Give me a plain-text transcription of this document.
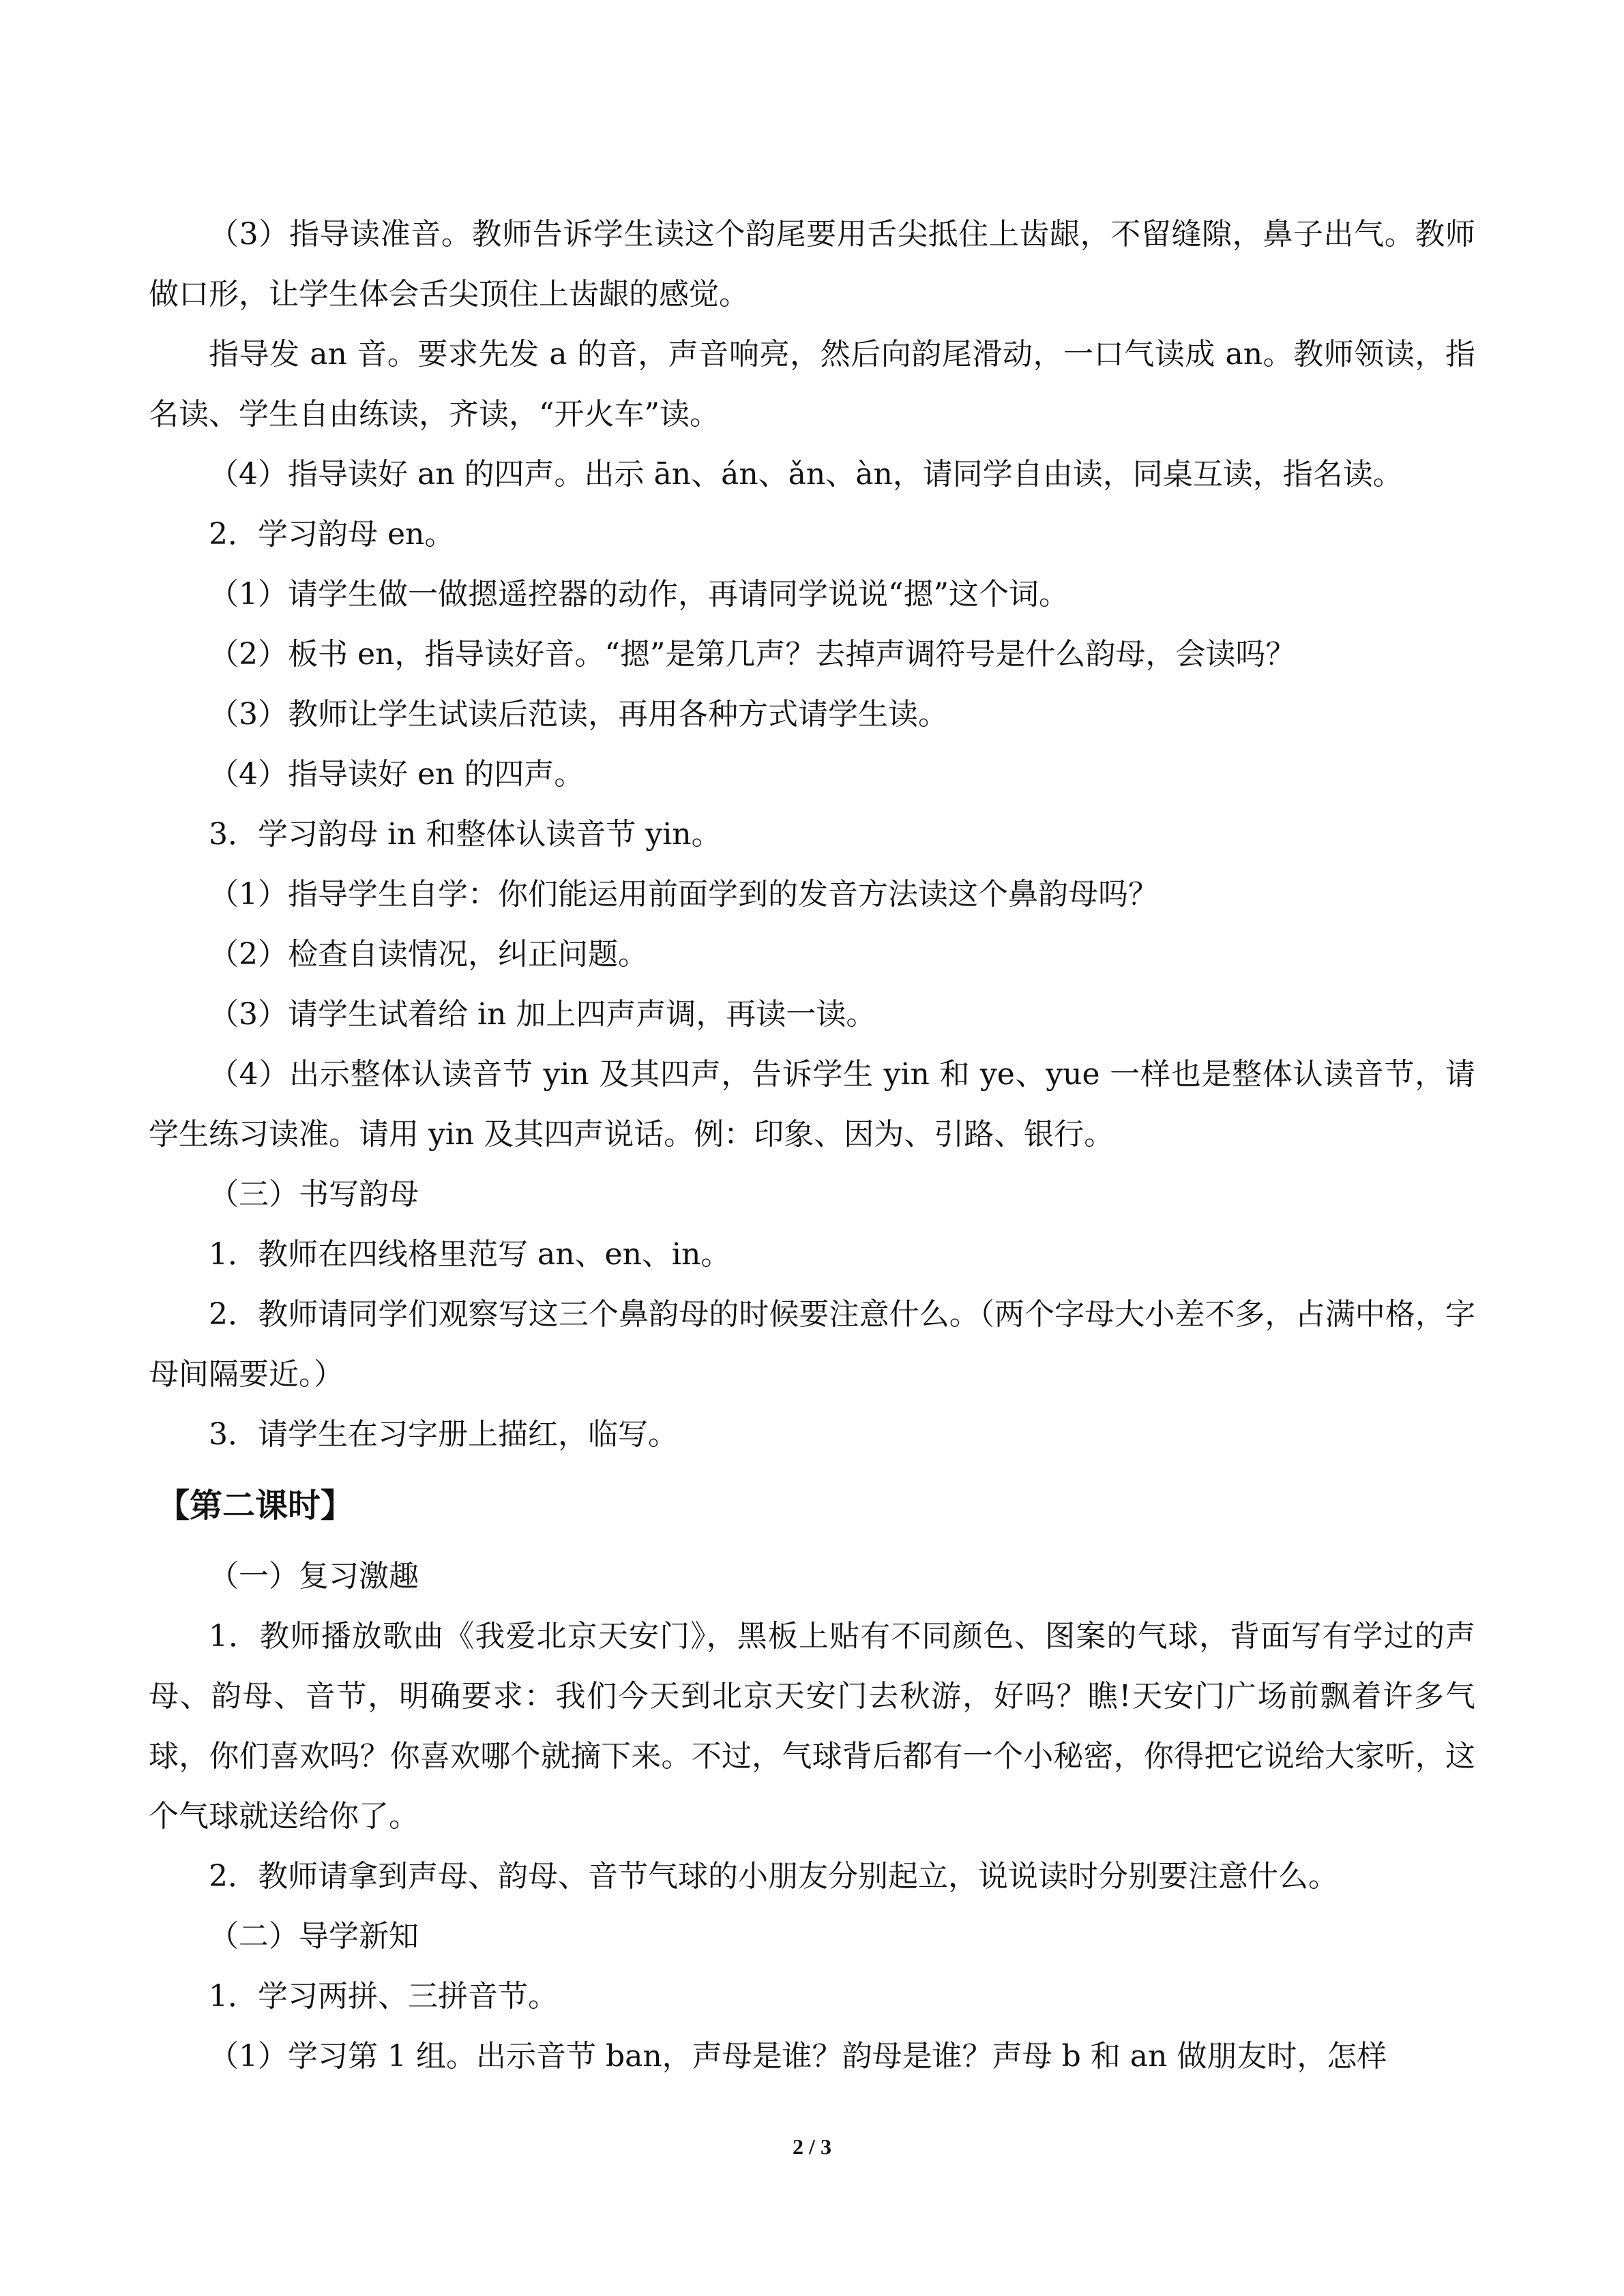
（3）指导读准音。教师告诉学生读这个韵尾要用舌尖抵住上齿龈，不留缝隙，鼻子出气。教师做口形，让学生体会舌尖顶住上齿龈的感觉。

指导发 an 音。要求先发 a 的音，声音响亮，然后向韵尾滑动，一口气读成 an。教师领读，指名读、学生自由练读，齐读，“开火车”读。

（4）指导读好 an 的四声。出示 ān、án、ǎn、àn，请同学自由读，同桌互读，指名读。

2．学习韵母 en。

（1）请学生做一做摁遥控器的动作，再请同学说说“摁”这个词。

（2）板书 en，指导读好音。“摁”是第几声？去掉声调符号是什么韵母，会读吗？

（3）教师让学生试读后范读，再用各种方式请学生读。

（4）指导读好 en 的四声。

3．学习韵母 in 和整体认读音节 yin。

（1）指导学生自学：你们能运用前面学到的发音方法读这个鼻韵母吗？

（2）检查自读情况，纠正问题。

（3）请学生试着给 in 加上四声声调，再读一读。

（4）出示整体认读音节 yin 及其四声，告诉学生 yin 和 ye、yue 一样也是整体认读音节，请学生练习读准。请用 yin 及其四声说话。例：印象、因为、引路、银行。

（三）书写韵母

1．教师在四线格里范写 an、en、in。

2．教师请同学们观察写这三个鼻韵母的时候要注意什么。（两个字母大小差不多，占满中格，字母间隔要近。）

3．请学生在习字册上描红，临写。

【第二课时】

（一）复习激趣

1．教师播放歌曲《我爱北京天安门》，黑板上贴有不同颜色、图案的气球，背面写有学过的声母、韵母、音节，明确要求：我们今天到北京天安门去秋游，好吗？瞧!天安门广场前飘着许多气球，你们喜欢吗？你喜欢哪个就摘下来。不过，气球背后都有一个小秘密，你得把它说给大家听，这个气球就送给你了。

2．教师请拿到声母、韵母、音节气球的小朋友分别起立，说说读时分别要注意什么。

（二）导学新知

1．学习两拼、三拼音节。

（1）学习第 1 组。出示音节 ban，声母是谁？韵母是谁？声母 b 和 an 做朋友时，怎样

2 / 3
